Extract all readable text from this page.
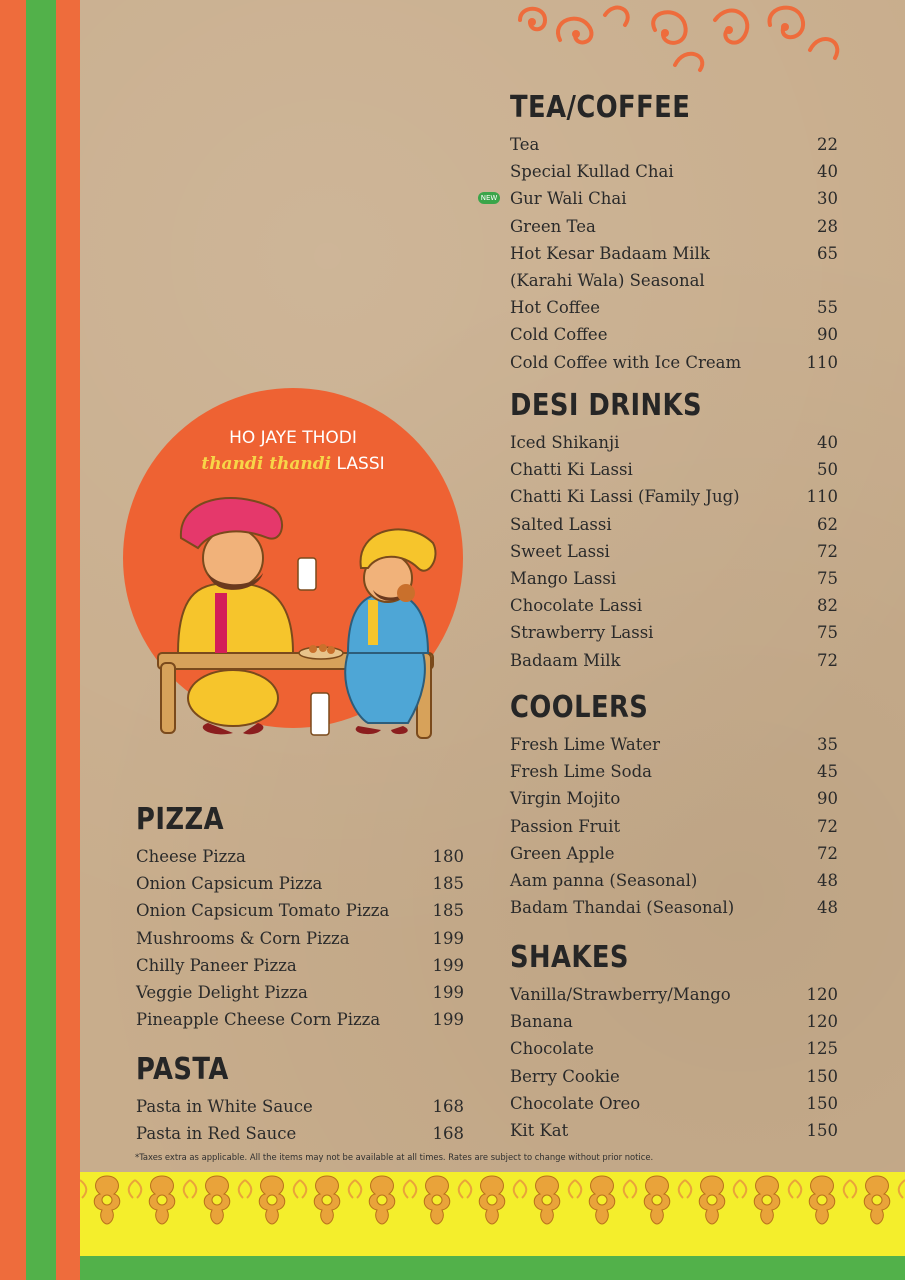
TEA/COFFEE
Tea	22
Special Kullad Chai	40
NEW Gur Wali Chai	30
Green Tea	28
Hot Kesar Badaam Milk	65
(Karahi Wala) Seasonal
Hot Coffee	55
Cold Coffee	90
Cold Coffee with Ice Cream	110
DESI DRINKS
Iced Shikanji	40
Chatti Ki Lassi	50
Chatti Ki Lassi (Family Jug)	110
Salted Lassi	62
Sweet Lassi	72
Mango Lassi	75
Chocolate Lassi	82
Strawberry Lassi	75
Badaam Milk	72
COOLERS
Fresh Lime Water	35
Fresh Lime Soda	45
Virgin Mojito	90
Passion Fruit	72
Green Apple	72
Aam panna (Seasonal)	48
Badam Thandai (Seasonal)	48
SHAKES
Vanilla/Strawberry/Mango	120
Banana	120
Chocolate	125
Berry Cookie	150
Chocolate Oreo	150
Kit Kat	150
PIZZA
Cheese Pizza	180
Onion Capsicum Pizza	185
Onion Capsicum Tomato Pizza	185
Mushrooms & Corn Pizza	199
Chilly Paneer Pizza	199
Veggie Delight Pizza	199
Pineapple Cheese Corn Pizza	199
PASTA
Pasta in White Sauce	168
Pasta in Red Sauce	168
HO JAYE THODI
thandi thandi LASSI
*Taxes extra as applicable. All the items may not be available at all times. Rates are subject to change without prior notice.
